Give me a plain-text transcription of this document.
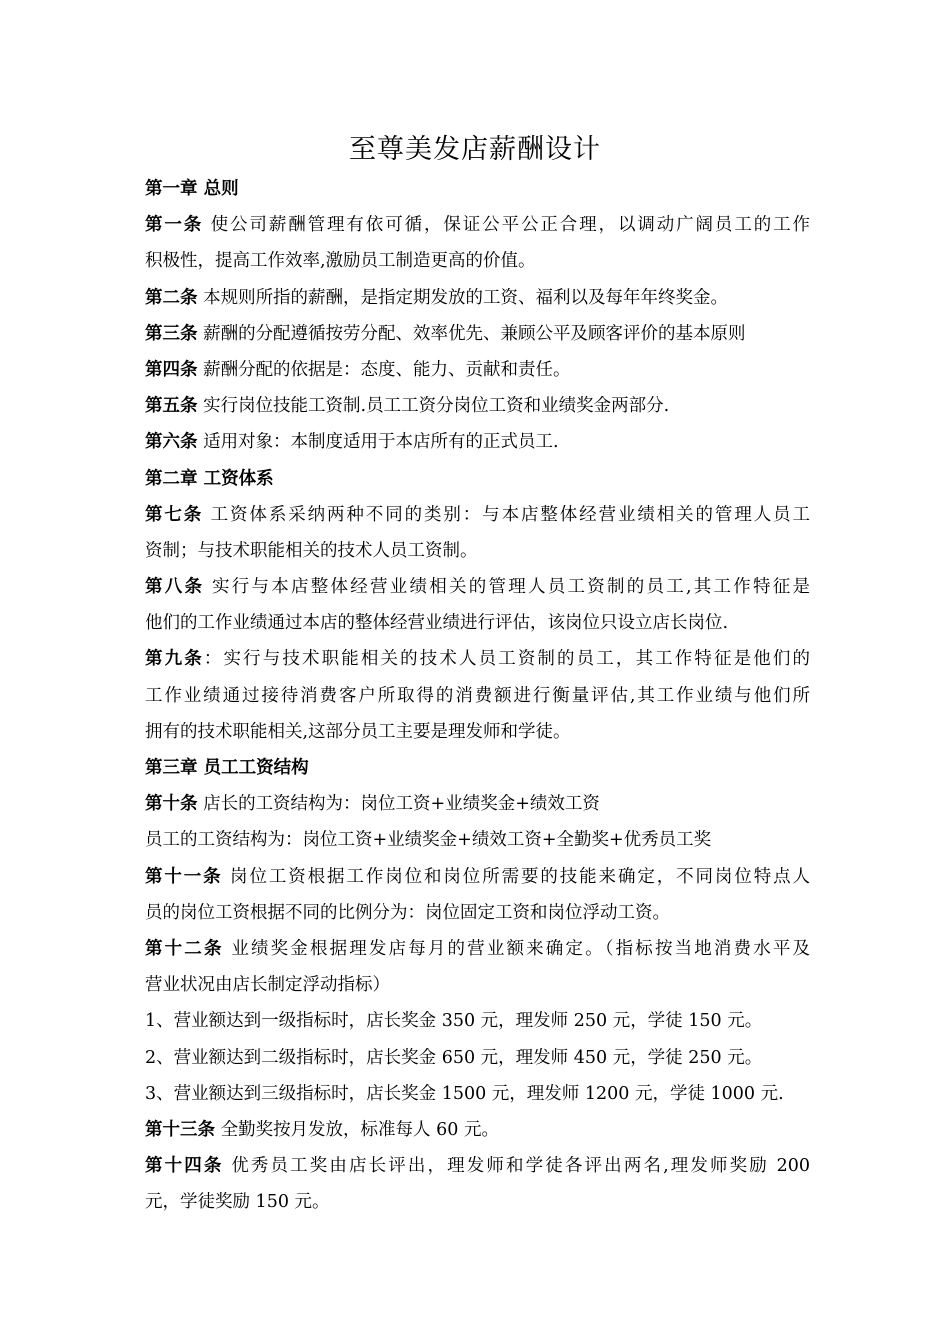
至尊美发店薪酬设计
第一章 总则
第一条 使公司薪酬管理有依可循，保证公平公正合理，以调动广阔员工的工作
积极性，提高工作效率,激励员工制造更高的价值。
第二条 本规则所指的薪酬，是指定期发放的工资、福利以及每年年终奖金。
第三条 薪酬的分配遵循按劳分配、效率优先、兼顾公平及顾客评价的基本原则
第四条 薪酬分配的依据是：态度、能力、贡献和责任。
第五条 实行岗位技能工资制.员工工资分岗位工资和业绩奖金两部分.
第六条 适用对象：本制度适用于本店所有的正式员工.
第二章 工资体系
第七条 工资体系采纳两种不同的类别：与本店整体经营业绩相关的管理人员工
资制；与技术职能相关的技术人员工资制。
第八条 实行与本店整体经营业绩相关的管理人员工资制的员工,其工作特征是
他们的工作业绩通过本店的整体经营业绩进行评估，该岗位只设立店长岗位.
第九条：实行与技术职能相关的技术人员工资制的员工，其工作特征是他们的
工作业绩通过接待消费客户所取得的消费额进行衡量评估,其工作业绩与他们所
拥有的技术职能相关,这部分员工主要是理发师和学徒。
第三章 员工工资结构
第十条 店长的工资结构为：岗位工资+业绩奖金+绩效工资
员工的工资结构为：岗位工资+业绩奖金+绩效工资+全勤奖+优秀员工奖
第十一条 岗位工资根据工作岗位和岗位所需要的技能来确定，不同岗位特点人
员的岗位工资根据不同的比例分为：岗位固定工资和岗位浮动工资。
第十二条 业绩奖金根据理发店每月的营业额来确定。（指标按当地消费水平及
营业状况由店长制定浮动指标）
1、营业额达到一级指标时，店长奖金 350 元，理发师 250 元，学徒 150 元。
2、营业额达到二级指标时，店长奖金 650 元，理发师 450 元，学徒 250 元。
3、营业额达到三级指标时，店长奖金 1500 元，理发师 1200 元，学徒 1000 元.
第十三条 全勤奖按月发放，标准每人 60 元。
第十四条 优秀员工奖由店长评出，理发师和学徒各评出两名,理发师奖励 200
元，学徒奖励 150 元。
